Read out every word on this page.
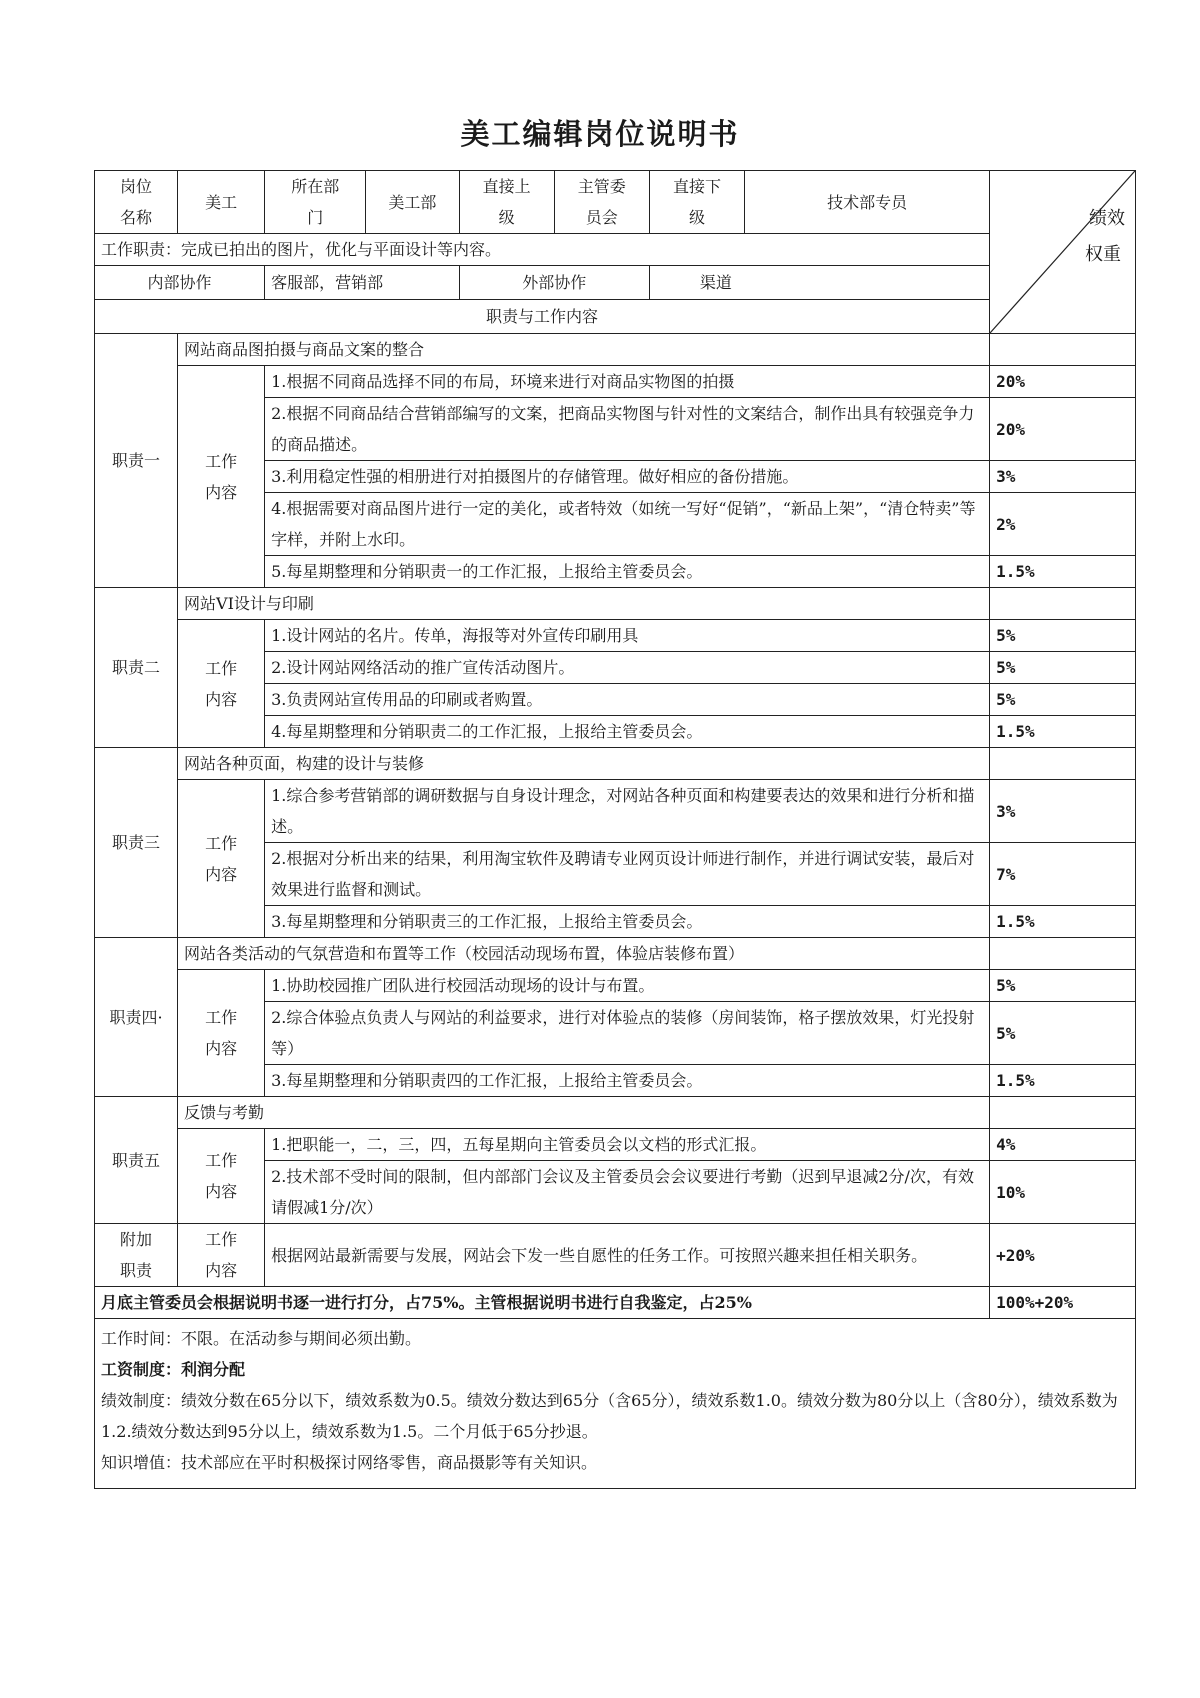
美工编辑岗位说明书
岗位名称	美工	所在部门	美工部	直接上级	主管委员会	直接下级	技术部专员	绩效
权重

工作职责：完成已拍出的图片，优化与平面设计等内容。								
内部协作		客服部，营销部		外部协作		渠道		
职责与工作内容								
职责一	网站商品图拍摄与商品文案的整合							
	工作内容	1.根据不同商品选择不同的布局，环境来进行对商品实物图的拍摄						20%
		2.根据不同商品结合营销部编写的文案，把商品实物图与针对性的文案结合，制作出具有较强竞争力的商品描述。						20%
		3.利用稳定性强的相册进行对拍摄图片的存储管理。做好相应的备份措施。						3%
		4.根据需要对商品图片进行一定的美化，或者特效（如统一写好“促销”，“新品上架”，“清仓特卖”等字样，并附上水印。						2%
		5.每星期整理和分销职责一的工作汇报，上报给主管委员会。						1.5%
职责二	网站VI设计与印刷							
	工作内容	1.设计网站的名片。传单，海报等对外宣传印刷用具						5%
		2.设计网站网络活动的推广宣传活动图片。						5%
		3.负责网站宣传用品的印刷或者购置。						5%
		4.每星期整理和分销职责二的工作汇报，上报给主管委员会。						1.5%
职责三	网站各种页面，构建的设计与装修							
	工作内容	1.综合参考营销部的调研数据与自身设计理念，对网站各种页面和构建要表达的效果和进行分析和描述。						3%
		2.根据对分析出来的结果，利用淘宝软件及聘请专业网页设计师进行制作，并进行调试安装，最后对效果进行监督和测试。						7%
		3.每星期整理和分销职责三的工作汇报，上报给主管委员会。						1.5%
职责四·	网站各类活动的气氛营造和布置等工作（校园活动现场布置，体验店装修布置）							
	工作内容	1.协助校园推广团队进行校园活动现场的设计与布置。						5%
		2.综合体验点负责人与网站的利益要求，进行对体验点的装修（房间装饰，格子摆放效果，灯光投射等）						5%
		3.每星期整理和分销职责四的工作汇报，上报给主管委员会。						1.5%
职责五	反馈与考勤							
	工作内容	1.把职能一，二，三，四，五每星期向主管委员会以文档的形式汇报。						4%
		2.技术部不受时间的限制，但内部部门会议及主管委员会会议要进行考勤（迟到早退减2分/次，有效请假减1分/次）						10%
附加职责	工作内容	根据网站最新需要与发展，网站会下发一些自愿性的任务工作。可按照兴趣来担任相关职务。						+20%
月底主管委员会根据说明书逐一进行打分，占75%。主管根据说明书进行自我鉴定，占25%								100%+20%

工作时间：不限。在活动参与期间必须出勤。

工资制度：利润分配

绩效制度：绩效分数在65分以下，绩效系数为0.5。绩效分数达到65分（含65分），绩效系数1.0。绩效分数为80分以上（含80分），绩效系数为1.2.绩效分数达到95分以上，绩效系数为1.5。二个月低于65分抄退。

知识增值：技术部应在平时积极探讨网络零售，商品摄影等有关知识。								
